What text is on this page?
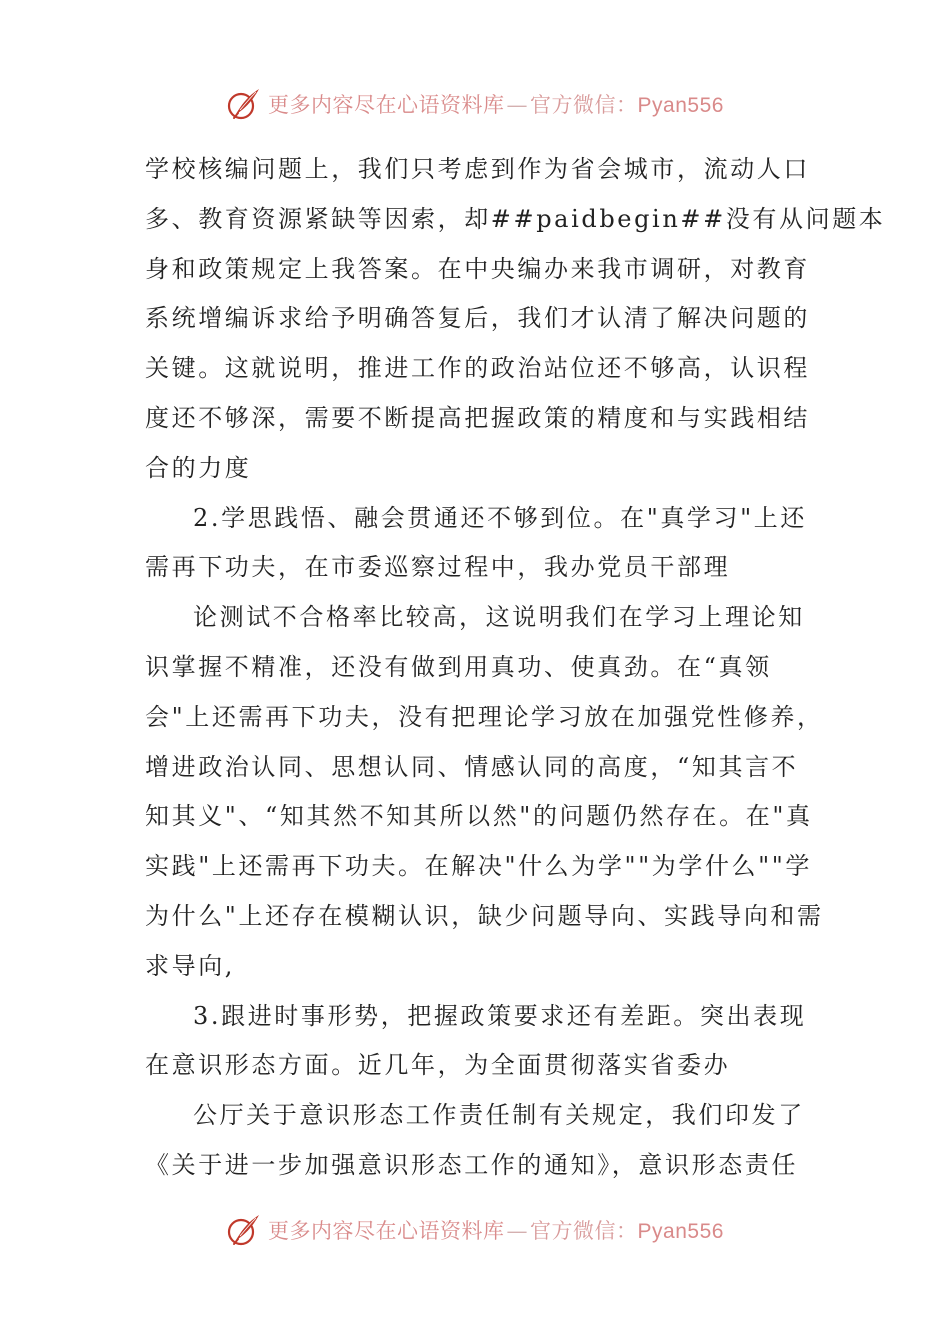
更多内容尽在心语资料库—官方微信：Pyan556
学校核编问题上，我们只考虑到作为省会城市，流动人口
多、教育资源紧缺等因索，却##paidbegin##没有从问题本
身和政策规定上我答案。在中央编办来我市调研，对教育
系统增编诉求给予明确答复后，我们才认清了解决问题的
关键。这就说明，推进工作的政治站位还不够高，认识程
度还不够深，需要不断提高把握政策的精度和与实践相结
合的力度
2.学思践悟、融会贯通还不够到位。在"真学习"上还
需再下功夫，在市委巡察过程中，我办党员干部理
论测试不合格率比较高，这说明我们在学习上理论知
识掌握不精准，还没有做到用真功、使真劲。在“真领
会"上还需再下功夫，没有把理论学习放在加强党性修养，
增进政治认同、思想认同、情感认同的高度，“知其言不
知其义"、“知其然不知其所以然"的问题仍然存在。在"真
实践"上还需再下功夫。在解决"什么为学""为学什么""学
为什么"上还存在模糊认识，缺少问题导向、实践导向和需
求导向,
3.跟进时事形势，把握政策要求还有差距。突出表现
在意识形态方面。近几年，为全面贯彻落实省委办
公厅关于意识形态工作责任制有关规定，我们印发了
《关于进一步加强意识形态工作的通知》，意识形态责任
更多内容尽在心语资料库—官方微信：Pyan556
